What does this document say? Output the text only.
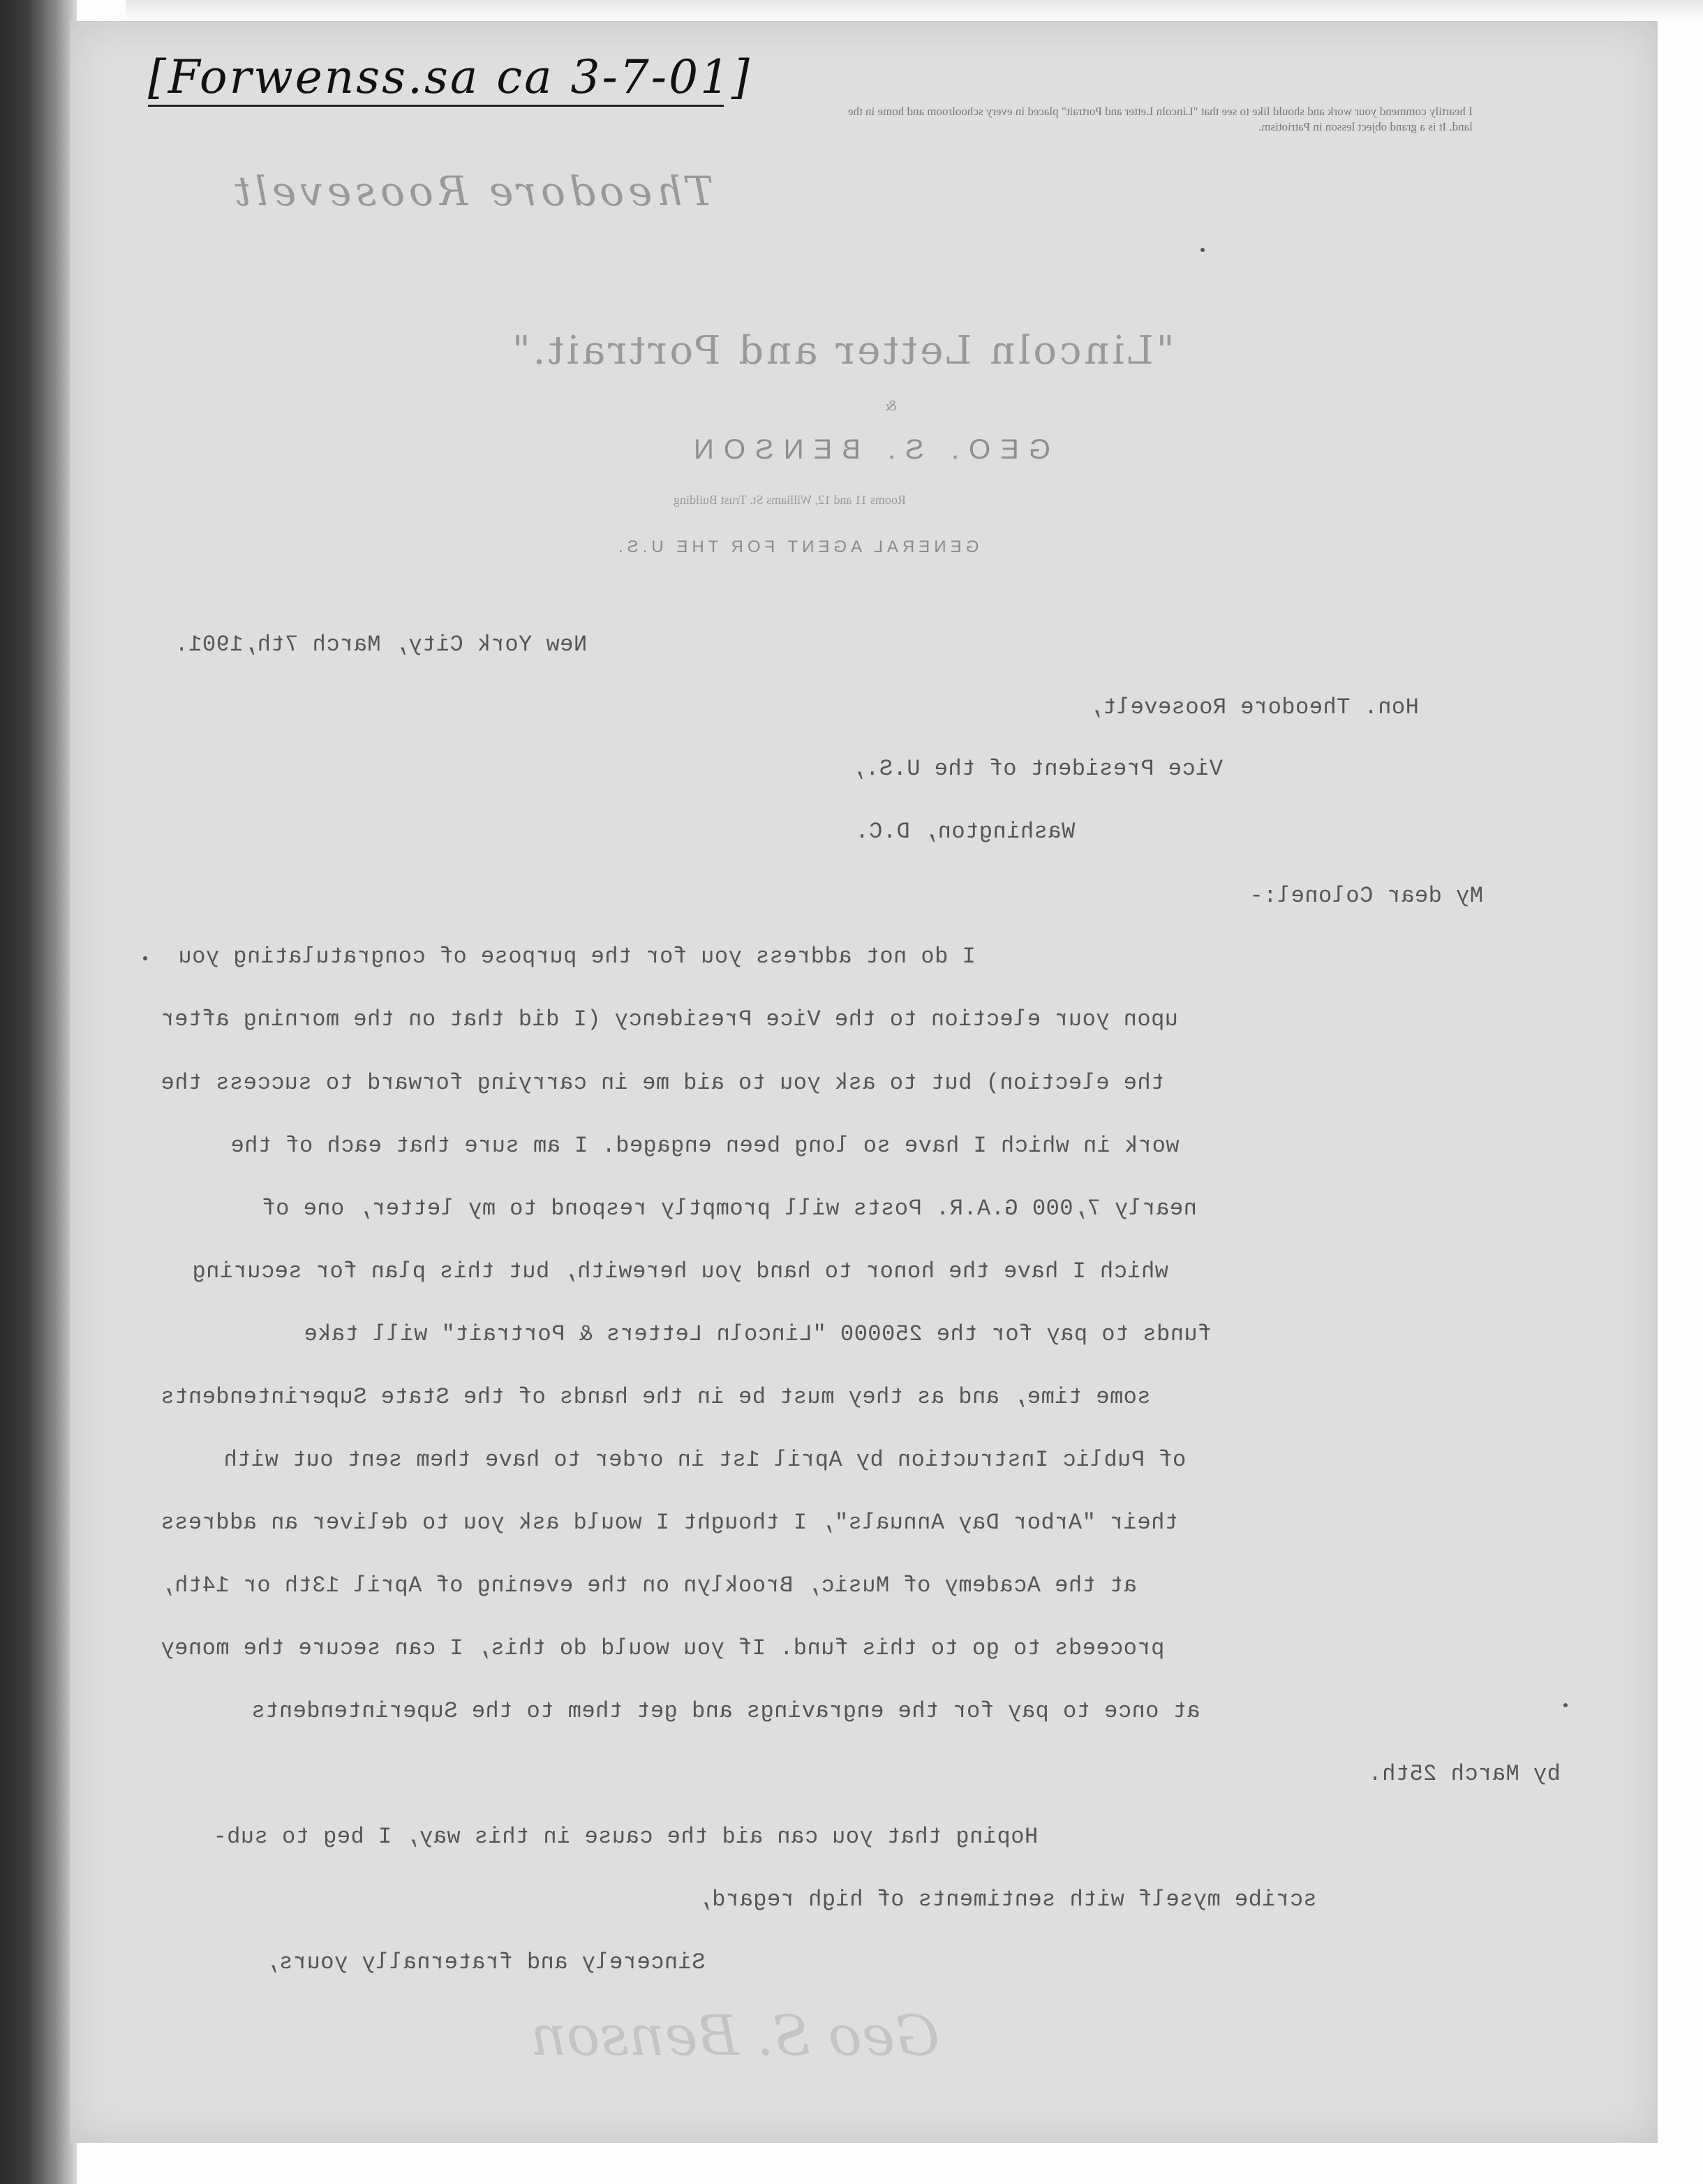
[Forwenss.sa ca 3-7-01]
I heartily commend your work and should like to see that "Lincoln Letter and Portrait" placed in every schoolroom and home in the
land. It is a grand object lesson in Patriotism.
Theodore Roosevelt
"Lincoln Letter and Portrait."
&
GEO. S. BENSON
Rooms 11 and 12, Williams St. Trust Building
GENERAL AGENT FOR THE U.S.
New York City, March 7th,1901.
Hon. Theodore Roosevelt,
Vice President of the U.S.,
Washington, D.C.
My dear Colonel:-
I do not address you for the purpose of congratulating you
upon your election to the Vice Presidency (I did that on the morning after
the election) but to ask you to aid me in carrying forward to success the
work in which I have so long been engaged. I am sure that each of the
nearly 7,000 G.A.R. Posts will promptly respond to my letter, one of
which I have the honor to hand you herewith, but this plan for securing
funds to pay for the 250000 "Lincoln Letters & Portrait" will take
some time, and as they must be in the hands of the State Superintendents
of Public Instruction by April 1st in order to have them sent out with
their "Arbor Day Annuals", I thought I would ask you to deliver an address
at the Academy of Music, Brooklyn on the evening of April 13th or 14th,
proceeds to go to this fund. If you would do this, I can secure the money
at once to pay for the engravings and get them to the Superintendents
by March 25th.
Hoping that you can aid the cause in this way, I beg to sub-
scribe myself with sentiments of high regard,
Sincerely and fraternally yours,
Geo S. Benson
